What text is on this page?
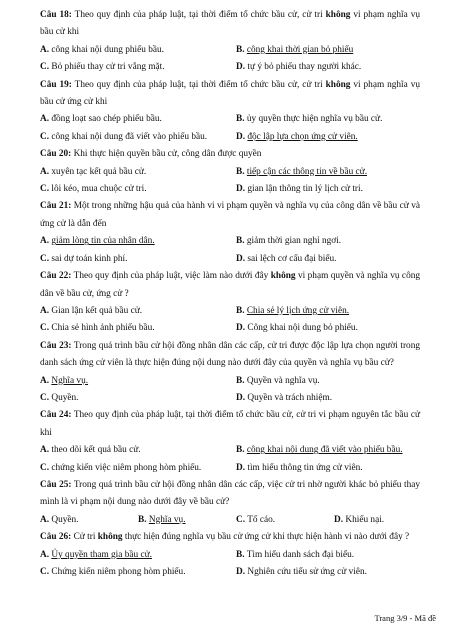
Câu 18: Theo quy định của pháp luật, tại thời điểm tổ chức bầu cử, cử tri không vi phạm nghĩa vụ bầu cử khi
A. công khai nội dung phiếu bầu.	B. công khai thời gian bỏ phiếu
C. Bỏ phiếu thay cử tri vắng mặt.	D. tự ý bỏ phiếu thay người khác.
Câu 19: Theo quy định của pháp luật, tại thời điểm tổ chức bầu cử, cử tri không vi phạm nghĩa vụ bầu cử ứng cử khi
A. đồng loạt sao chép phiếu bầu.	B. ủy quyền thực hiện nghĩa vụ bầu cử.
C. công khai nội dung đã viết vào phiếu bầu.	D. độc lập lựa chọn ứng cử viên.
Câu 20: Khi thực hiện quyền bầu cử, công dân được quyền
A. xuyên tạc kết quả bầu cử.	B. tiếp cận các thông tin về bầu cử.
C. lôi kéo, mua chuộc cử tri.	D. gian lận thông tin lý lịch cử tri.
Câu 21: Một trong những hậu quả của hành vi vi phạm quyền và nghĩa vụ của công dân về bầu cử và ứng cử là dẫn đến
A. giảm lòng tin của nhân dân.	B. giảm thời gian nghỉ ngơi.
C. sai dự toán kinh phí.	D. sai lệch cơ cấu đại biểu.
Câu 22: Theo quy định của pháp luật, việc làm nào dưới đây không vi phạm quyền và nghĩa vụ công dân về bầu cử, ứng cử ?
A. Gian lận kết quả bầu cử.	B. Chia sẻ lý lịch ứng cử viên.
C. Chia sẻ hình ảnh phiếu bầu.	D. Công khai nội dung bỏ phiếu.
Câu 23: Trong quá trình bầu cử hội đồng nhân dân các cấp, cử tri được độc lập lựa chọn người trong danh sách ứng cử viên là thực hiện đúng nội dung nào dưới đây của quyền và nghĩa vụ bầu cử?
A. Nghĩa vụ.	B. Quyền và nghĩa vụ.
C. Quyền.	D. Quyền và trách nhiệm.
Câu 24: Theo quy định của pháp luật, tại thời điểm tổ chức bầu cử, cử tri vi phạm nguyên tắc bầu cử khi
A. theo dõi kết quả bầu cử.	B. công khai nội dung đã viết vào phiếu bầu.
C. chứng kiến việc niêm phong hòm phiếu.	D. tìm hiểu thông tin ứng cử viên.
Câu 25: Trong quá trình bầu cử hội đồng nhân dân các cấp, việc cử tri nhờ người khác bỏ phiếu thay mình là vi phạm nội dung nào dưới đây về bầu cử?
A. Quyền.	B. Nghĩa vụ.	C. Tố cáo.	D. Khiếu nại.
Câu 26: Cử tri không thực hiện đúng nghĩa vụ bầu cử ứng cử khi thực hiện hành vi nào dưới đây ?
A. Ủy quyền tham gia bầu cử.	B. Tìm hiểu danh sách đại biểu.
C. Chứng kiến niêm phong hòm phiếu.	D. Nghiên cứu tiểu sử ứng cử viên.
Trang 3/9 - Mã đề
